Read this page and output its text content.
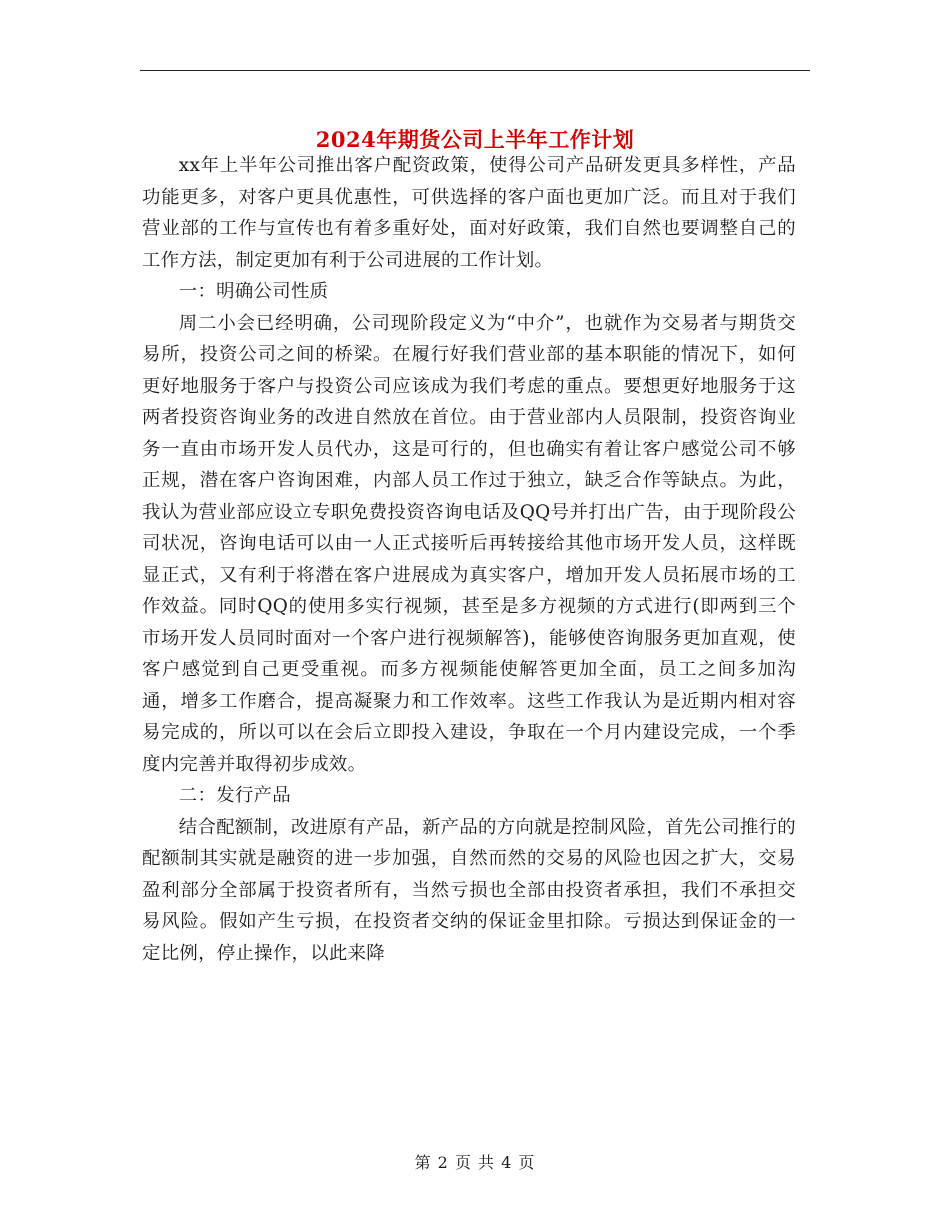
2024年期货公司上半年工作计划

xx年上半年公司推出客户配资政策，使得公司产品研发更具多样性，产品功能更多，对客户更具优惠性，可供选择的客户面也更加广泛。而且对于我们营业部的工作与宣传也有着多重好处，面对好政策，我们自然也要调整自己的工作方法，制定更加有利于公司进展的工作计划。

一：明确公司性质

周二小会已经明确，公司现阶段定义为“中介”，也就作为交易者与期货交易所，投资公司之间的桥梁。在履行好我们营业部的基本职能的情况下，如何更好地服务于客户与投资公司应该成为我们考虑的重点。要想更好地服务于这两者投资咨询业务的改进自然放在首位。由于营业部内人员限制，投资咨询业务一直由市场开发人员代办，这是可行的，但也确实有着让客户感觉公司不够正规，潜在客户咨询困难，内部人员工作过于独立，缺乏合作等缺点。为此，我认为营业部应设立专职免费投资咨询电话及QQ号并打出广告，由于现阶段公司状况，咨询电话可以由一人正式接听后再转接给其他市场开发人员，这样既显正式，又有利于将潜在客户进展成为真实客户，增加开发人员拓展市场的工作效益。同时QQ的使用多实行视频，甚至是多方视频的方式进行(即两到三个市场开发人员同时面对一个客户进行视频解答)，能够使咨询服务更加直观，使客户感觉到自己更受重视。而多方视频能使解答更加全面，员工之间多加沟通，增多工作磨合，提高凝聚力和工作效率。这些工作我认为是近期内相对容易完成的，所以可以在会后立即投入建设，争取在一个月内建设完成，一个季度内完善并取得初步成效。

二：发行产品

结合配额制，改进原有产品，新产品的方向就是控制风险，首先公司推行的配额制其实就是融资的进一步加强，自然而然的交易的风险也因之扩大，交易盈利部分全部属于投资者所有，当然亏损也全部由投资者承担，我们不承担交易风险。假如产生亏损，在投资者交纳的保证金里扣除。亏损达到保证金的一定比例，停止操作，以此来降

第 2 页 共 4 页
